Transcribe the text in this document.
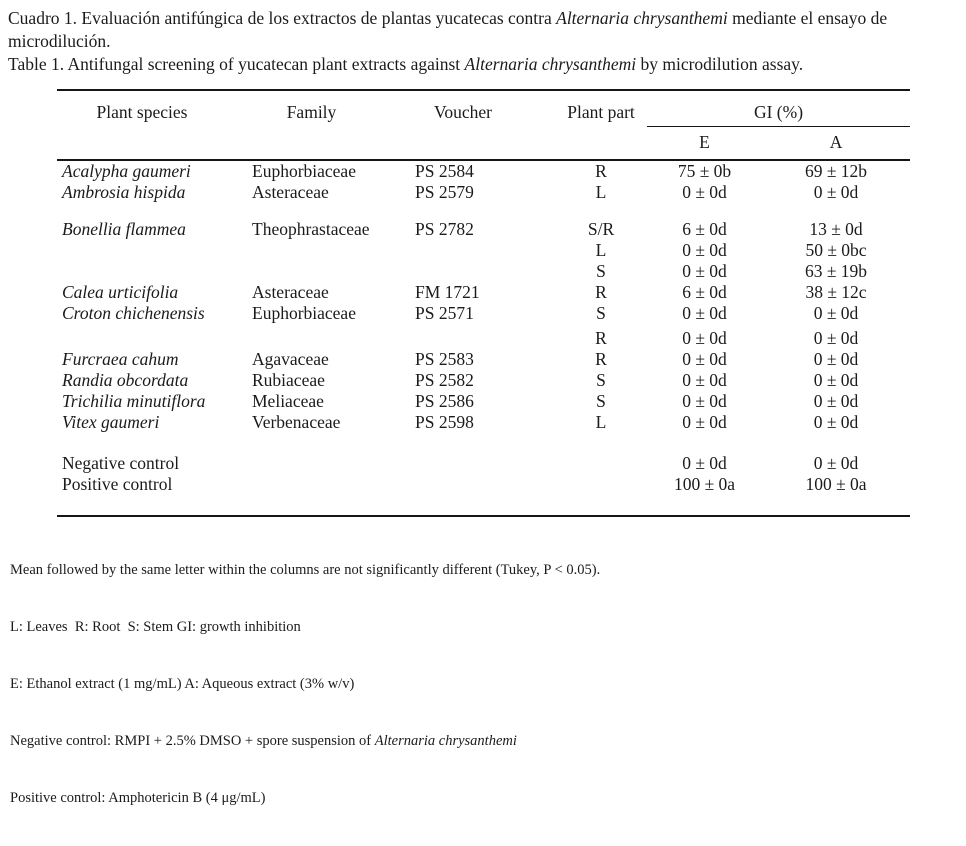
Cuadro 1. Evaluación antifúngica de los extractos de plantas yucatecas contra Alternaria chrysanthemi mediante el ensayo de microdilución.

Table 1. Antifungal screening of yucatecan plant extracts against Alternaria chrysanthemi by microdilution assay.

Plant species	Family	Voucher	Plant part	GI (%)	
				E	A
Acalypha gaumeri	Euphorbiaceae	PS 2584	R	75 ± 0b	69 ± 12b
Ambrosia hispida	Asteraceae	PS 2579	L	0 ± 0d	0 ± 0d
Bonellia flammea	Theophrastaceae	PS 2782	S/R	6 ± 0d	13 ± 0d
			L	0 ± 0d	50 ± 0bc
			S	0 ± 0d	63 ± 19b
Calea urticifolia	Asteraceae	FM 1721	R	6 ± 0d	38 ± 12c
Croton chichenensis	Euphorbiaceae	PS 2571	S	0 ± 0d	0 ± 0d
			R	0 ± 0d	0 ± 0d
Furcraea cahum	Agavaceae	PS 2583	R	0 ± 0d	0 ± 0d
Randia obcordata	Rubiaceae	PS 2582	S	0 ± 0d	0 ± 0d
Trichilia minutiflora	Meliaceae	PS 2586	S	0 ± 0d	0 ± 0d
Vitex gaumeri	Verbenaceae	PS 2598	L	0 ± 0d	0 ± 0d
Negative control				0 ± 0d	0 ± 0d
Positive control				100 ± 0a	100 ± 0a

Mean followed by the same letter within the columns are not significantly different (Tukey, P < 0.05).

L: Leaves  R: Root  S: Stem GI: growth inhibition

E: Ethanol extract (1 mg/mL) A: Aqueous extract (3% w/v)

Negative control: RMPI + 2.5% DMSO + spore suspension of Alternaria chrysanthemi

Positive control: Amphotericin B (4 μg/mL)
